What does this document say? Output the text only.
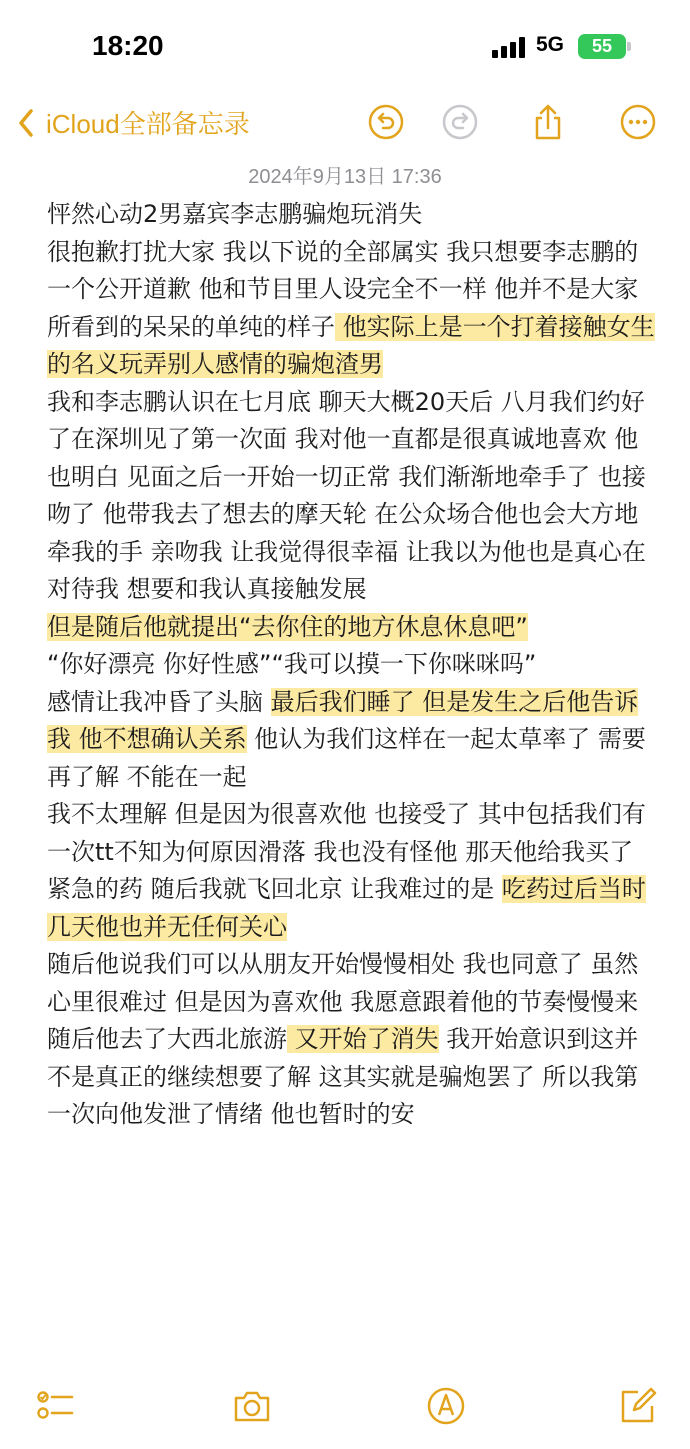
18:20	5G 55
iCloud全部备忘录
2024年9月13日 17:36

怦然心动2男嘉宾李志鹏骗炮玩消失

很抱歉打扰大家 我以下说的全部属实 我只想要李志鹏的一个公开道歉 他和节目里人设完全不一样 他并不是大家所看到的呆呆的单纯的样子 他实际上是一个打着接触女生的名义玩弄别人感情的骗炮渣男

我和李志鹏认识在七月底 聊天大概20天后 八月我们约好了在深圳见了第一次面 我对他一直都是很真诚地喜欢 他也明白 见面之后一开始一切正常 我们渐渐地牵手了 也接吻了 他带我去了想去的摩天轮 在公众场合他也会大方地牵我的手 亲吻我 让我觉得很幸福 让我以为他也是真心在对待我 想要和我认真接触发展

但是随后他就提出“去你住的地方休息休息吧”

“你好漂亮 你好性感”“我可以摸一下你咪咪吗”

感情让我冲昏了头脑 最后我们睡了 但是发生之后他告诉我 他不想确认关系 他认为我们这样在一起太草率了 需要再了解 不能在一起

我不太理解 但是因为很喜欢他 也接受了 其中包括我们有一次tt不知为何原因滑落 我也没有怪他 那天他给我买了紧急的药 随后我就飞回北京 让我难过的是 吃药过后当时几天他也并无任何关心

随后他说我们可以从朋友开始慢慢相处 我也同意了 虽然心里很难过 但是因为喜欢他 我愿意跟着他的节奏慢慢来

随后他去了大西北旅游 又开始了消失 我开始意识到这并不是真正的继续想要了解 这其实就是骗炮罢了 所以我第一次向他发泄了情绪 他也暂时的安
